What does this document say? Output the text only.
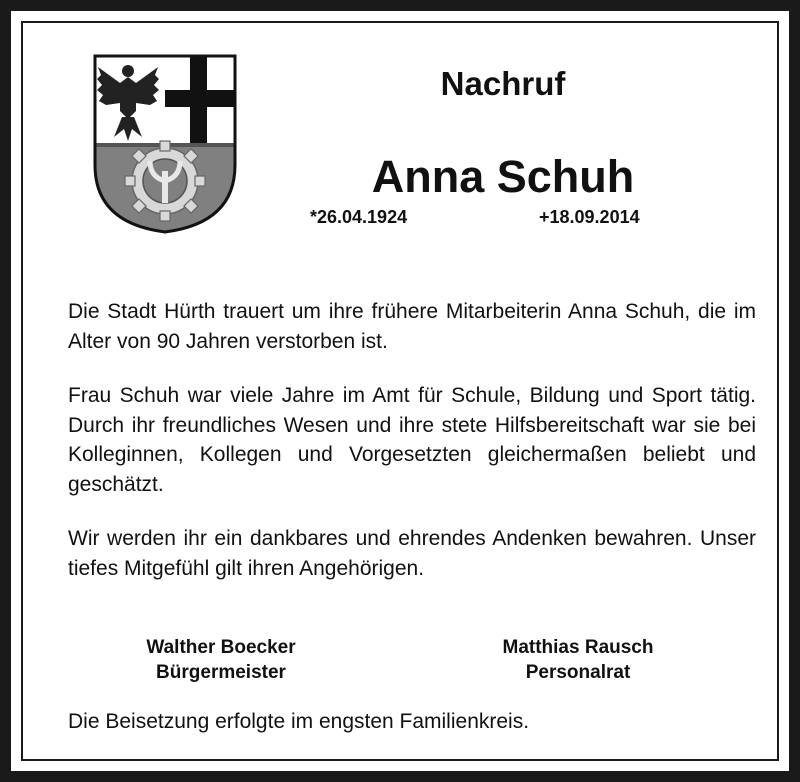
Nachruf
Anna Schuh
*26.04.1924	+18.09.2014

Die Stadt Hürth trauert um ihre frühere Mitarbeiterin Anna Schuh, die im Alter von 90 Jahren verstorben ist.

Frau Schuh war viele Jahre im Amt für Schule, Bildung und Sport tätig. Durch ihr freundliches Wesen und ihre stete Hilfsbereitschaft war sie bei Kolleginnen, Kollegen und Vorgesetzten gleichermaßen beliebt und geschätzt.

Wir werden ihr ein dankbares und ehrendes Andenken bewahren. Unser tiefes Mitgefühl gilt ihren Angehörigen.

Walther Boecker
Bürgermeister
Matthias Rausch
Personalrat
Die Beisetzung erfolgte im engsten Familienkreis.
